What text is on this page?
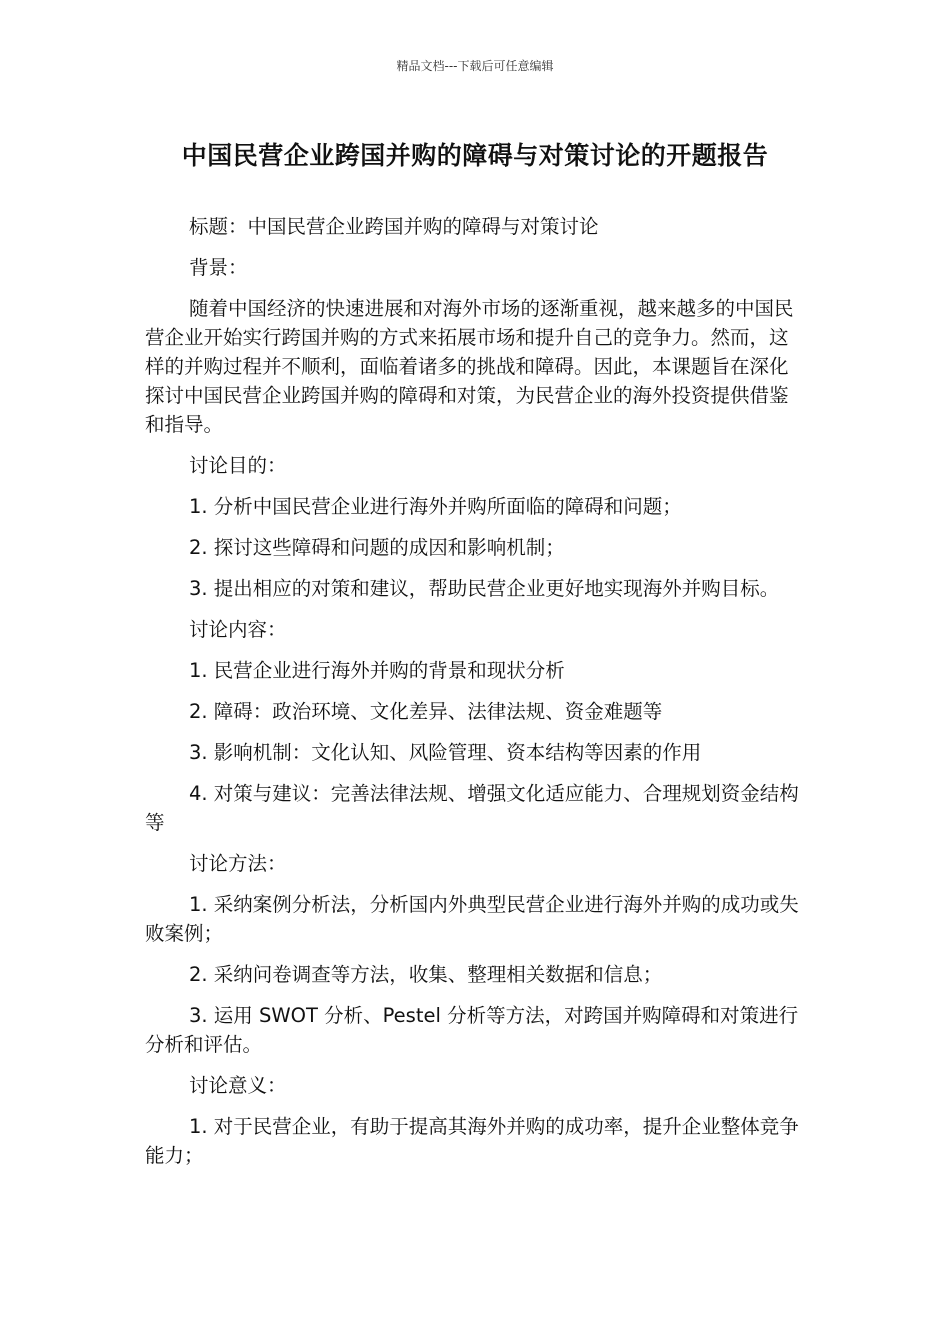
精品文档---下载后可任意编辑
中国民营企业跨国并购的障碍与对策讨论的开题报告

标题：中国民营企业跨国并购的障碍与对策讨论

背景：

随着中国经济的快速进展和对海外市场的逐渐重视，越来越多的中国民营企业开始实行跨国并购的方式来拓展市场和提升自己的竞争力。然而，这样的并购过程并不顺利，面临着诸多的挑战和障碍。因此，本课题旨在深化探讨中国民营企业跨国并购的障碍和对策，为民营企业的海外投资提供借鉴和指导。

讨论目的：

1. 分析中国民营企业进行海外并购所面临的障碍和问题；

2. 探讨这些障碍和问题的成因和影响机制；

3. 提出相应的对策和建议，帮助民营企业更好地实现海外并购目标。

讨论内容：

1. 民营企业进行海外并购的背景和现状分析

2. 障碍：政治环境、文化差异、法律法规、资金难题等

3. 影响机制：文化认知、风险管理、资本结构等因素的作用

4. 对策与建议：完善法律法规、增强文化适应能力、合理规划资金结构等

讨论方法：

1. 采纳案例分析法，分析国内外典型民营企业进行海外并购的成功或失败案例；

2. 采纳问卷调查等方法，收集、整理相关数据和信息；

3. 运用 SWOT 分析、Pestel 分析等方法，对跨国并购障碍和对策进行分析和评估。

讨论意义：

1. 对于民营企业，有助于提高其海外并购的成功率，提升企业整体竞争能力；
